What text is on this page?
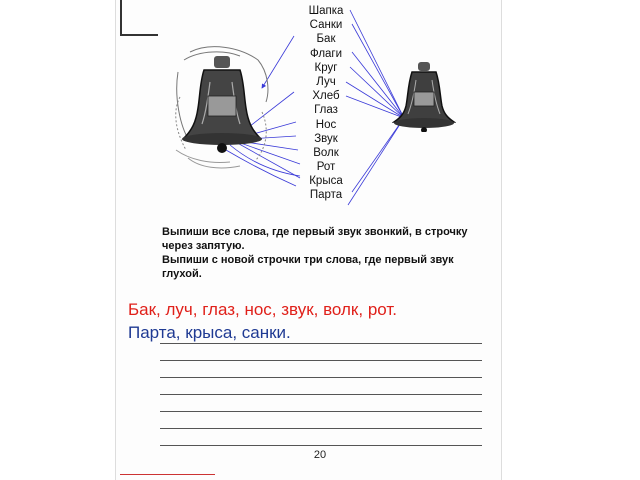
Шапка
Санки
Бак
Флаги
Круг
Луч
Хлеб
Глаз
Нос
Звук
Волк
Рот
Крыса
Парта

Выпиши все слова, где первый звук звонкий, в строчку через запятую.

Выпиши с новой строчки три слова, где первый звук глухой.

Бак, луч, глаз, нос, звук, волк, рот.
Парта, крыса, санки.
20
